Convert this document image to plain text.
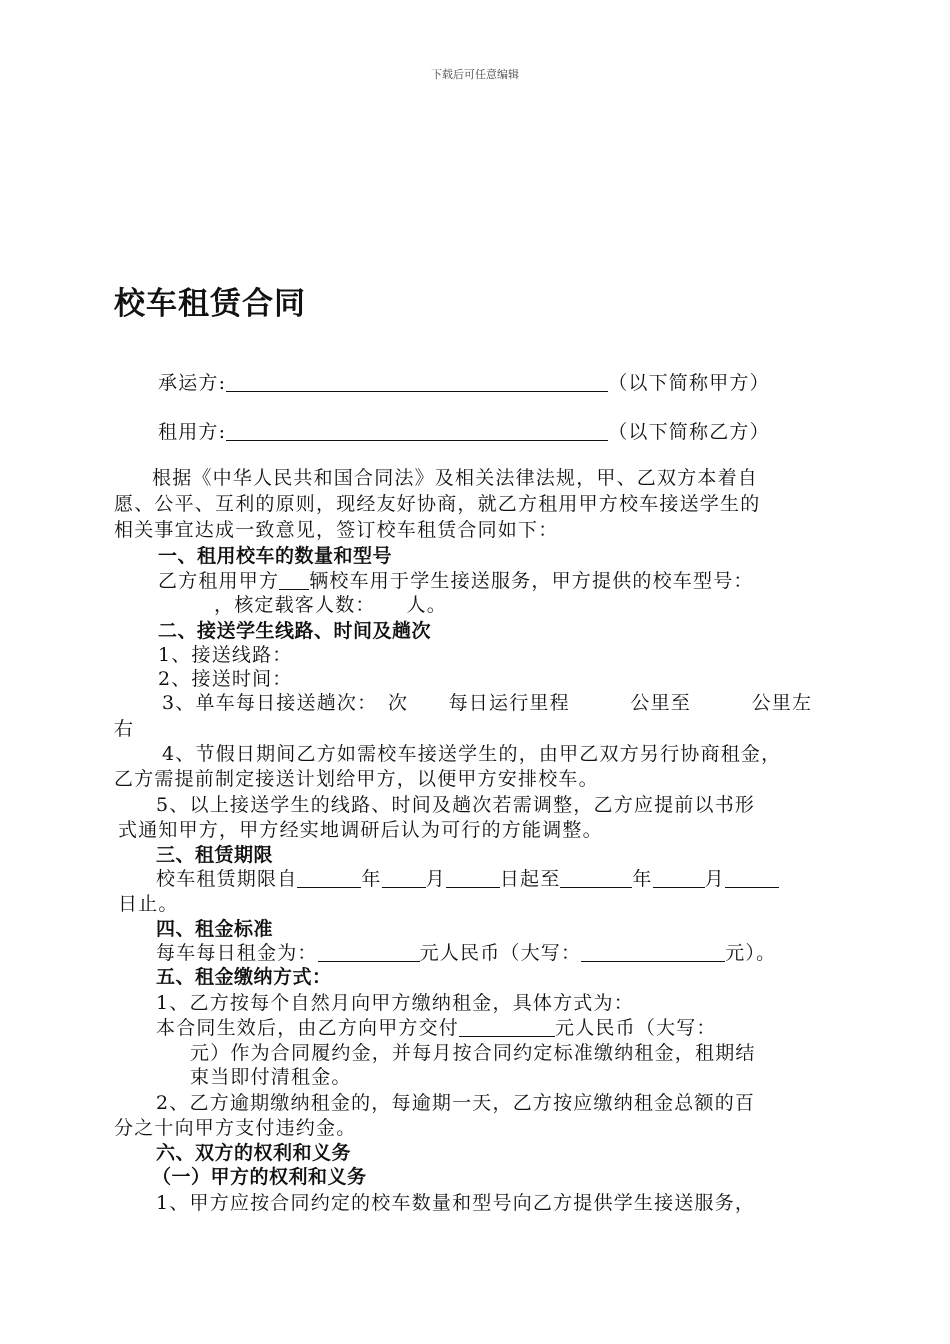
下载后可任意编辑
校车租赁合同
承运方:	（以下简称甲方）
租用方:	（以下简称乙方）
根据《中华人民共和国合同法》及相关法律法规，甲、乙双方本着自
愿、公平、互利的原则，现经友好协商，就乙方租用甲方校车接送学生的
相关事宜达成一致意见，签订校车租赁合同如下：
一、租用校车的数量和型号
乙方租用甲方 辆校车用于学生接送服务，甲方提供的校车型号：
，核定载客人数：　　人。
二、接送学生线路、时间及趟次
1、接送线路：
2、接送时间：
3、单车每日接送趟次：　次　　每日运行里程　　　公里至　　　公里左
右
4、节假日期间乙方如需校车接送学生的，由甲乙双方另行协商租金，
乙方需提前制定接送计划给甲方，以便甲方安排校车。
5、以上接送学生的线路、时间及趟次若需调整，乙方应提前以书形
式通知甲方，甲方经实地调研后认为可行的方能调整。
三、租赁期限
校车租赁期限自	年 月	日起至	年	月
日止。
四、租金标准
每车每日租金为：	元人民币（大写：	元）。
五、租金缴纳方式：
1、乙方按每个自然月向甲方缴纳租金，具体方式为：
本合同生效后，由乙方向甲方交付	元人民币（大写：
元）作为合同履约金，并每月按合同约定标准缴纳租金，租期结
束当即付清租金。
2、乙方逾期缴纳租金的，每逾期一天，乙方按应缴纳租金总额的百
分之十向甲方支付违约金。
六、双方的权利和义务
（一）甲方的权利和义务
1、甲方应按合同约定的校车数量和型号向乙方提供学生接送服务，
